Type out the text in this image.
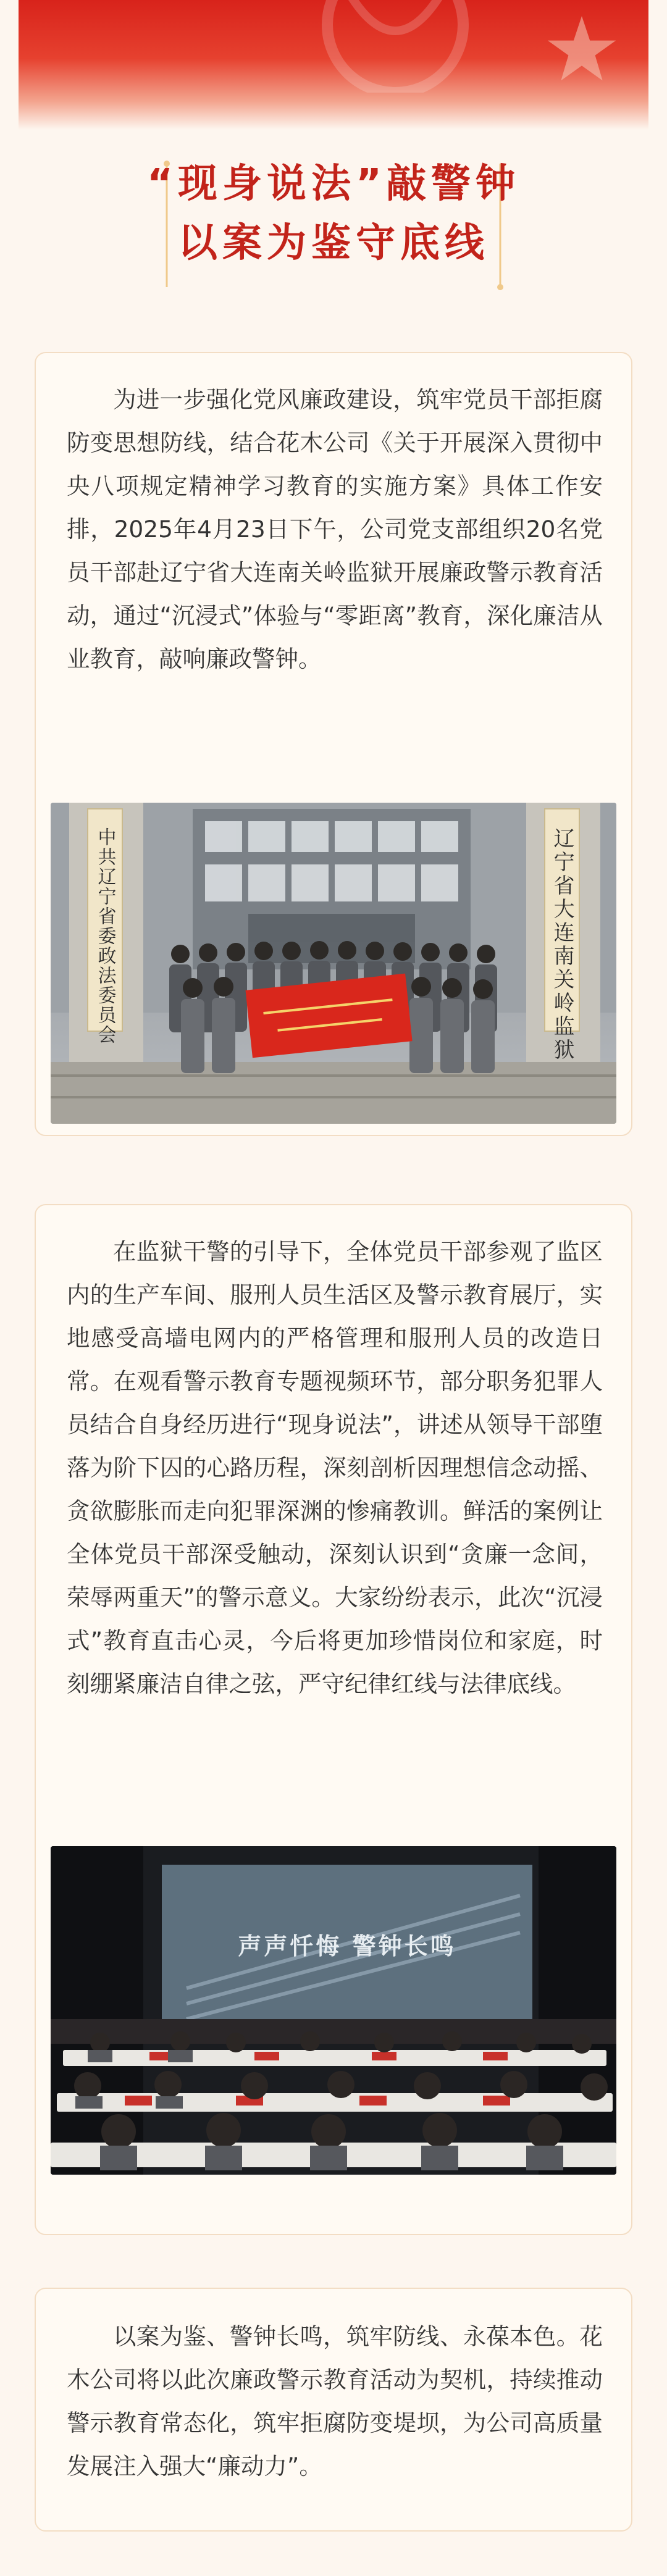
“现身说法”敲警钟
以案为鉴守底线

为进一步强化党风廉政建设，筑牢党员干部拒腐防变思想防线，结合花木公司《关于开展深入贯彻中央八项规定精神学习教育的实施方案》具体工作安排，2025年4月23日下午，公司党支部组织20名党员干部赴辽宁省大连南关岭监狱开展廉政警示教育活动，通过“沉浸式”体验与“零距离”教育，深化廉洁从业教育，敲响廉政警钟。

中共辽宁省委政法委员会	辽宁省大连南关岭监狱

在监狱干警的引导下，全体党员干部参观了监区内的生产车间、服刑人员生活区及警示教育展厅，实地感受高墙电网内的严格管理和服刑人员的改造日常。在观看警示教育专题视频环节，部分职务犯罪人员结合自身经历进行“现身说法”，讲述从领导干部堕落为阶下囚的心路历程，深刻剖析因理想信念动摇、贪欲膨胀而走向犯罪深渊的惨痛教训。鲜活的案例让全体党员干部深受触动，深刻认识到“贪廉一念间，荣辱两重天”的警示意义。大家纷纷表示，此次“沉浸式”教育直击心灵，今后将更加珍惜岗位和家庭，时刻绷紧廉洁自律之弦，严守纪律红线与法律底线。

声声忏悔 警钟长鸣

以案为鉴、警钟长鸣，筑牢防线、永葆本色。花木公司将以此次廉政警示教育活动为契机，持续推动警示教育常态化，筑牢拒腐防变堤坝，为公司高质量发展注入强大“廉动力”。
